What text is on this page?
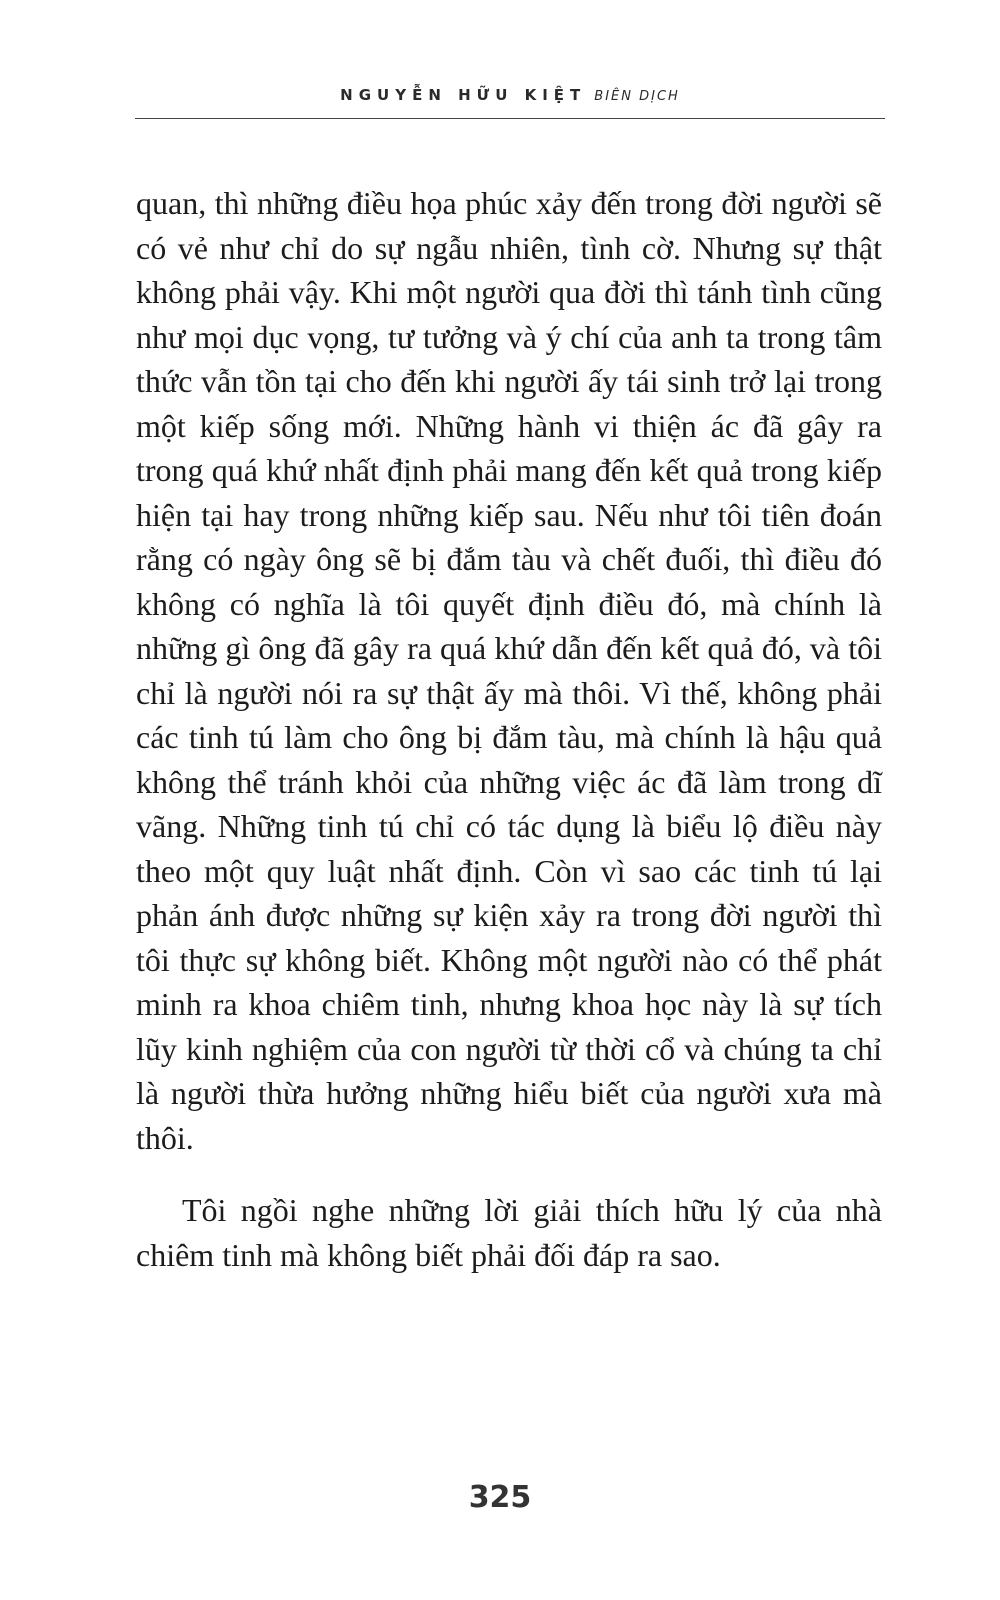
NGUYỄN HỮU KIỆT BIÊN DỊCH

quan, thì những điều họa phúc xảy đến trong đời người sẽ có vẻ như chỉ do sự ngẫu nhiên, tình cờ. Nhưng sự thật không phải vậy. Khi một người qua đời thì tánh tình cũng như mọi dục vọng, tư tưởng và ý chí của anh ta trong tâm thức vẫn tồn tại cho đến khi người ấy tái sinh trở lại trong một kiếp sống mới. Những hành vi thiện ác đã gây ra trong quá khứ nhất định phải mang đến kết quả trong kiếp hiện tại hay trong những kiếp sau. Nếu như tôi tiên đoán rằng có ngày ông sẽ bị đắm tàu và chết đuối, thì điều đó không có nghĩa là tôi quyết định điều đó, mà chính là những gì ông đã gây ra quá khứ dẫn đến kết quả đó, và tôi chỉ là người nói ra sự thật ấy mà thôi. Vì thế, không phải các tinh tú làm cho ông bị đắm tàu, mà chính là hậu quả không thể tránh khỏi của những việc ác đã làm trong dĩ vãng. Những tinh tú chỉ có tác dụng là biểu lộ điều này theo một quy luật nhất định. Còn vì sao các tinh tú lại phản ánh được những sự kiện xảy ra trong đời người thì tôi thực sự không biết. Không một người nào có thể phát minh ra khoa chiêm tinh, nhưng khoa học này là sự tích lũy kinh nghiệm của con người từ thời cổ và chúng ta chỉ là người thừa hưởng những hiểu biết của người xưa mà thôi.

Tôi ngồi nghe những lời giải thích hữu lý của nhà chiêm tinh mà không biết phải đối đáp ra sao.

325
